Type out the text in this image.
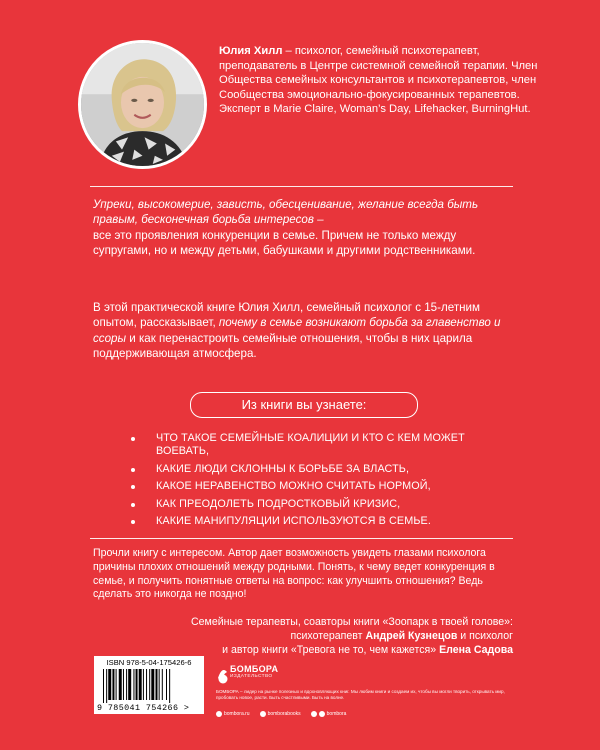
Юлия Хилл – психолог, семейный психотерапевт, преподаватель в Центре системной семейной терапии. Член Общества семейных консультантов и психотерапевтов, член Сообщества эмоционально-фокусированных терапевтов. Эксперт в Marie Claire, Woman’s Day, Lifehacker, BurningHut.
Упреки, высокомерие, зависть, обесценивание, желание всегда быть правым, бесконечная борьба интересов –
все это проявления конкуренции в семье. Причем не только между супругами, но и между детьми, бабушками и другими родственниками.
В этой практической книге Юлия Хилл, семейный психолог с 15-летним опытом, рассказывает, почему в семье возникают борьба за главенство и ссоры и как перенастроить семейные отношения, чтобы в них царила поддерживающая атмосфера.
Из книги вы узнаете:
ЧТО ТАКОЕ СЕМЕЙНЫЕ КОАЛИЦИИ И КТО С КЕМ МОЖЕТ ВОЕВАТЬ,
КАКИЕ ЛЮДИ СКЛОННЫ К БОРЬБЕ ЗА ВЛАСТЬ,
КАКОЕ НЕРАВЕНСТВО МОЖНО СЧИТАТЬ НОРМОЙ,
КАК ПРЕОДОЛЕТЬ ПОДРОСТКОВЫЙ КРИЗИС,
КАКИЕ МАНИПУЛЯЦИИ ИСПОЛЬЗУЮТСЯ В СЕМЬЕ.
Прочли книгу с интересом. Автор дает возможность увидеть глазами психолога причины плохих отношений между родными. Понять, к чему ведет конкуренция в семье, и получить понятные ответы на вопрос: как улучшить отношения? Ведь сделать это никогда не поздно!
Семейные терапевты, соавторы книги «Зоопарк в твоей голове»:
психотерапевт Андрей Кузнецов и психолог
и автор книги «Тревога не то, чем кажется» Елена Садова
ISBN 978-5-04-175426-6
9 785041 754266 >
БОМБОРА
ИЗДАТЕЛЬСТВО
БОМБОРА – лидер на рынке полезных и вдохновляющих книг. Мы любим книги и создаем их, чтобы вы могли творить, открывать мир, пробовать новое, расти. Быть счастливыми. Быть на волне.
bombora.ru	bomborabooks	bombora
